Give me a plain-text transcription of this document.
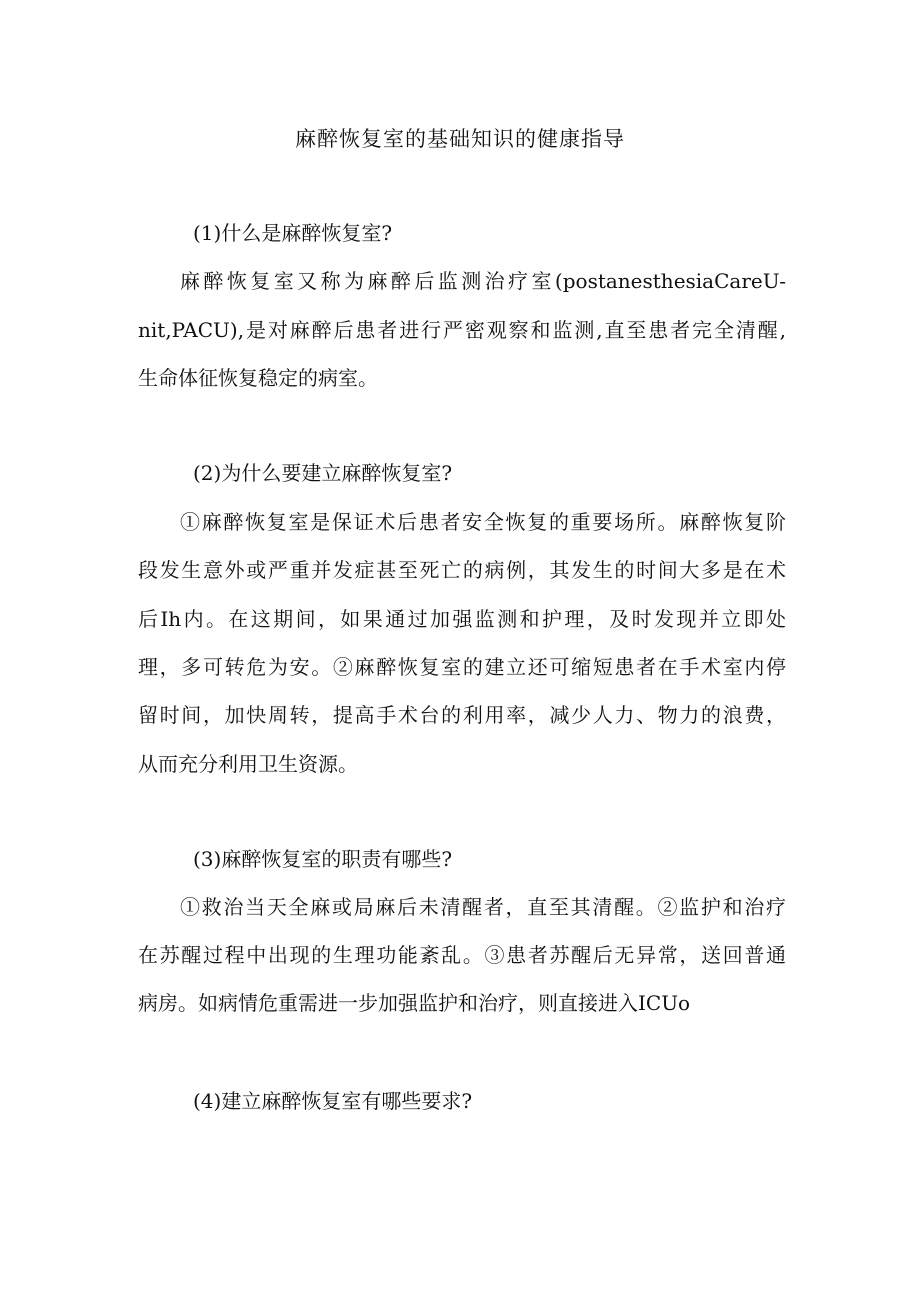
麻醉恢复室的基础知识的健康指导
(1)什么是麻醉恢复室?
麻醉恢复室又称为麻醉后监测治疗室(postanesthesiaCareU-
nit,PACU),是对麻醉后患者进行严密观察和监测,直至患者完全清醒,
生命体征恢复稳定的病室。
(2)为什么要建立麻醉恢复室?
①麻醉恢复室是保证术后患者安全恢复的重要场所。麻醉恢复阶
段发生意外或严重并发症甚至死亡的病例，其发生的时间大多是在术
后Ih内。在这期间，如果通过加强监测和护理，及时发现并立即处
理，多可转危为安。②麻醉恢复室的建立还可缩短患者在手术室内停
留时间，加快周转，提高手术台的利用率，减少人力、物力的浪费，
从而充分利用卫生资源。
(3)麻醉恢复室的职责有哪些?
①救治当天全麻或局麻后未清醒者，直至其清醒。②监护和治疗
在苏醒过程中出现的生理功能紊乱。③患者苏醒后无异常，送回普通
病房。如病情危重需进一步加强监护和治疗，则直接进入ICUo
(4)建立麻醉恢复室有哪些要求?
